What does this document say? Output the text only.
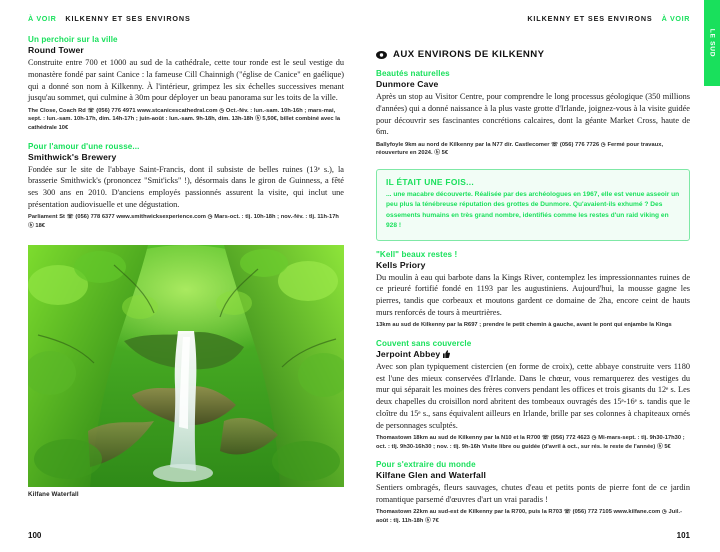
À VOIR KILKENNY ET SES ENVIRONS

Un perchoir sur la ville

Round Tower

Construite entre 700 et 1000 au sud de la cathédrale, cette tour ronde est le seul vestige du monastère fondé par saint Canice : la fameuse Cill Chainnigh ("église de Canice" en gaélique) qui a donné son nom à Kilkenny. À l'intérieur, grimpez les six échelles successives menant jusqu'au sommet, qui culmine à 30m pour déployer un beau panorama sur les toits de la ville.

The Close, Coach Rd ☏ (056) 776 4971 www.stcanicescathedral.com ◷ Oct.-fév. : lun.-sam. 10h-16h ; mars-mai, sept. : lun.-sam. 10h-17h, dim. 14h-17h ; juin-août : lun.-sam. 9h-18h, dim. 13h-18h ⓑ 5,50€, billet combiné avec la cathédrale 10€

Pour l'amour d'une rousse...

Smithwick's Brewery

Fondée sur le site de l'abbaye Saint-Francis, dont il subsiste de belles ruines (13ᵉ s.), la brasserie Smithwick's (prononcez "Smit'icks" !), désormais dans le giron de Guinness, a fêté ses 300 ans en 2010. D'anciens employés passionnés assurent la visite, qui inclut une présentation audiovisuelle et une dégustation.

Parliament St ☏ (056) 778 6377 www.smithwicksexperience.com ◷ Mars-oct. : tlj. 10h-18h ; nov.-fév. : tlj. 11h-17h ⓑ 18€

Kilfane Waterfall
100
KILKENNY ET SES ENVIRONS À VOIR
LE SUD
AUX ENVIRONS DE KILKENNY

Beautés naturelles

Dunmore Cave

Après un stop au Visitor Centre, pour comprendre le long processus géologique (350 millions d'années) qui a donné naissance à la plus vaste grotte d'Irlande, joignez-vous à la visite guidée pour découvrir ses fascinantes concrétions calcaires, dont la géante Market Cross, haute de 6m.

Ballyfoyle 9km au nord de Kilkenny par la N77 dir. Castlecomer ☏ (056) 776 7726 ◷ Fermé pour travaux, réouverture en 2024. ⓑ 5€

IL ÉTAIT UNE FOIS...

... une macabre découverte. Réalisée par des archéologues en 1967, elle est venue asseoir un peu plus la ténébreuse réputation des grottes de Dunmore. Qu'avaient-ils exhumé ? Des ossements humains en très grand nombre, identifiés comme les restes d'un raid viking en 928 !

"Kell" beaux restes !

Kells Priory

Du moulin à eau qui barbote dans la Kings River, contemplez les impressionnantes ruines de ce prieuré fortifié fondé en 1193 par les augustiniens. Aujourd'hui, la mousse gagne les pierres, tandis que corbeaux et moutons gardent ce domaine de 2ha, encore ceint de hauts murs renforcés de tours à meurtrières.

13km au sud de Kilkenny par la R697 ; prendre le petit chemin à gauche, avant le pont qui enjambe la Kings

Couvent sans couvercle

Jerpoint Abbey

Avec son plan typiquement cistercien (en forme de croix), cette abbaye construite vers 1180 est l'une des mieux conservées d'Irlande. Dans le chœur, vous remarquerez des vestiges du mur qui séparait les moines des frères convers pendant les offices et trois gisants du 12ᵉ s. Les deux chapelles du croisillon nord abritent des tombeaux ouvragés des 15ᵉ-16ᵉ s. tandis que le cloître du 15ᵉ s., sans équivalent ailleurs en Irlande, brille par ses colonnes à chapiteaux ornés de personnages sculptés.

Thomastown 18km au sud de Kilkenny par la N10 et la R700 ☏ (056) 772 4623 ◷ Mi-mars-sept. : tlj. 9h30-17h30 ; oct. : tlj. 9h30-16h30 ; nov. : tlj. 9h-16h Visite libre ou guidée (d'avril à oct., sur rés. le reste de l'année) ⓑ 5€

Pour s'extraire du monde

Kilfane Glen and Waterfall

Sentiers ombragés, fleurs sauvages, chutes d'eau et petits ponts de pierre font de ce jardin romantique parsemé d'œuvres d'art un vrai paradis !

Thomastown 22km au sud-est de Kilkenny par la R700, puis la R703 ☏ (056) 772 7105 www.kilfane.com ◷ Juil.-août : tlj. 11h-18h ⓑ 7€

101
